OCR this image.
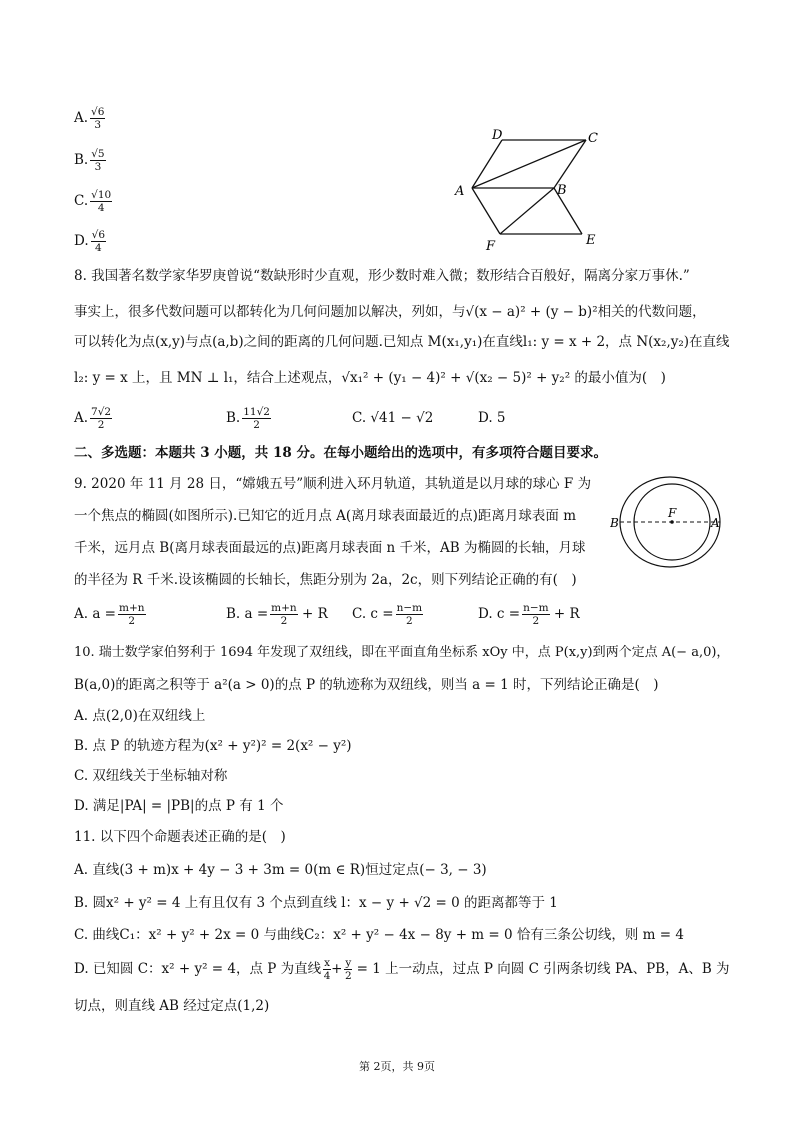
A. $\frac{√6}{3}$
B. $\frac{√5}{3}$
C. $\frac{√10}{4}$
D. $\frac{√6}{4}$
D	C
A	B
F	E
8. 我国著名数学家华罗庚曾说“数缺形时少直观，形少数时难入微；数形结合百般好，隔离分家万事休.”
事实上，很多代数问题可以都转化为几何问题加以解决，列如，与√(x − a)² + (y − b)²相关的代数问题，
可以转化为点(x,y)与点(a,b)之间的距离的几何问题.已知点 M(x₁,y₁)在直线l₁: y = x + 2，点 N(x₂,y₂)在直线
l₂: y = x 上，且 MN ⊥ l₁，结合上述观点，√x₁² + (y₁ − 4)² + √(x₂ − 5)² + y₂² 的最小值为(　)
A. $\frac{7√2}{2}$	B. $\frac{11√2}{2}$	C. √41 − √2	D. 5
二、多选题：本题共 3 小题，共 18 分。在每小题给出的选项中，有多项符合题目要求。
9. 2020 年 11 月 28 日，“嫦娥五号”顺利进入环月轨道，其轨道是以月球的球心 F 为
一个焦点的椭圆(如图所示).已知它的近月点 A(离月球表面最近的点)距离月球表面 m
千米，远月点 B(离月球表面最远的点)距离月球表面 n 千米，AB 为椭圆的长轴，月球
的半径为 R 千米.设该椭圆的长轴长，焦距分别为 2a，2c，则下列结论正确的有(　)
B
F
A
A. $a = \frac{m+n}{2}$	B. $a = \frac{m+n}{2} + R$ C. $c = \frac{n-m}{2}$	D. $c = \frac{n-m}{2} + R$
10. 瑞士数学家伯努利于 1694 年发现了双纽线，即在平面直角坐标系 xOy 中，点 P(x,y)到两个定点 A(− a,0)，
B(a,0)的距离之积等于 a²(a > 0)的点 P 的轨迹称为双纽线，则当 a = 1 时，下列结论正确是(　)
A. 点(2,0)在双纽线上
B. 点 P 的轨迹方程为(x² + y²)² = 2(x² − y²)
C. 双纽线关于坐标轴对称
D. 满足|PA| = |PB|的点 P 有 1 个
11. 以下四个命题表述正确的是(　)
A. 直线(3 + m)x + 4y − 3 + 3m = 0(m ∈ R)恒过定点(− 3, − 3)
B. 圆x² + y² = 4 上有且仅有 3 个点到直线 l：x − y + √2 = 0 的距离都等于 1
C. 曲线C₁：x² + y² + 2x = 0 与曲线C₂：x² + y² − 4x − 8y + m = 0 恰有三条公切线，则 m = 4
D. 已知圆 C：x² + y² = 4，点 P 为直线 $\frac{x}{4} + \frac{y}{2} = 1$ 上一动点，过点 P 向圆 C 引两条切线 PA、PB，A、B 为
切点，则直线 AB 经过定点(1,2)
第 2页，共 9页
